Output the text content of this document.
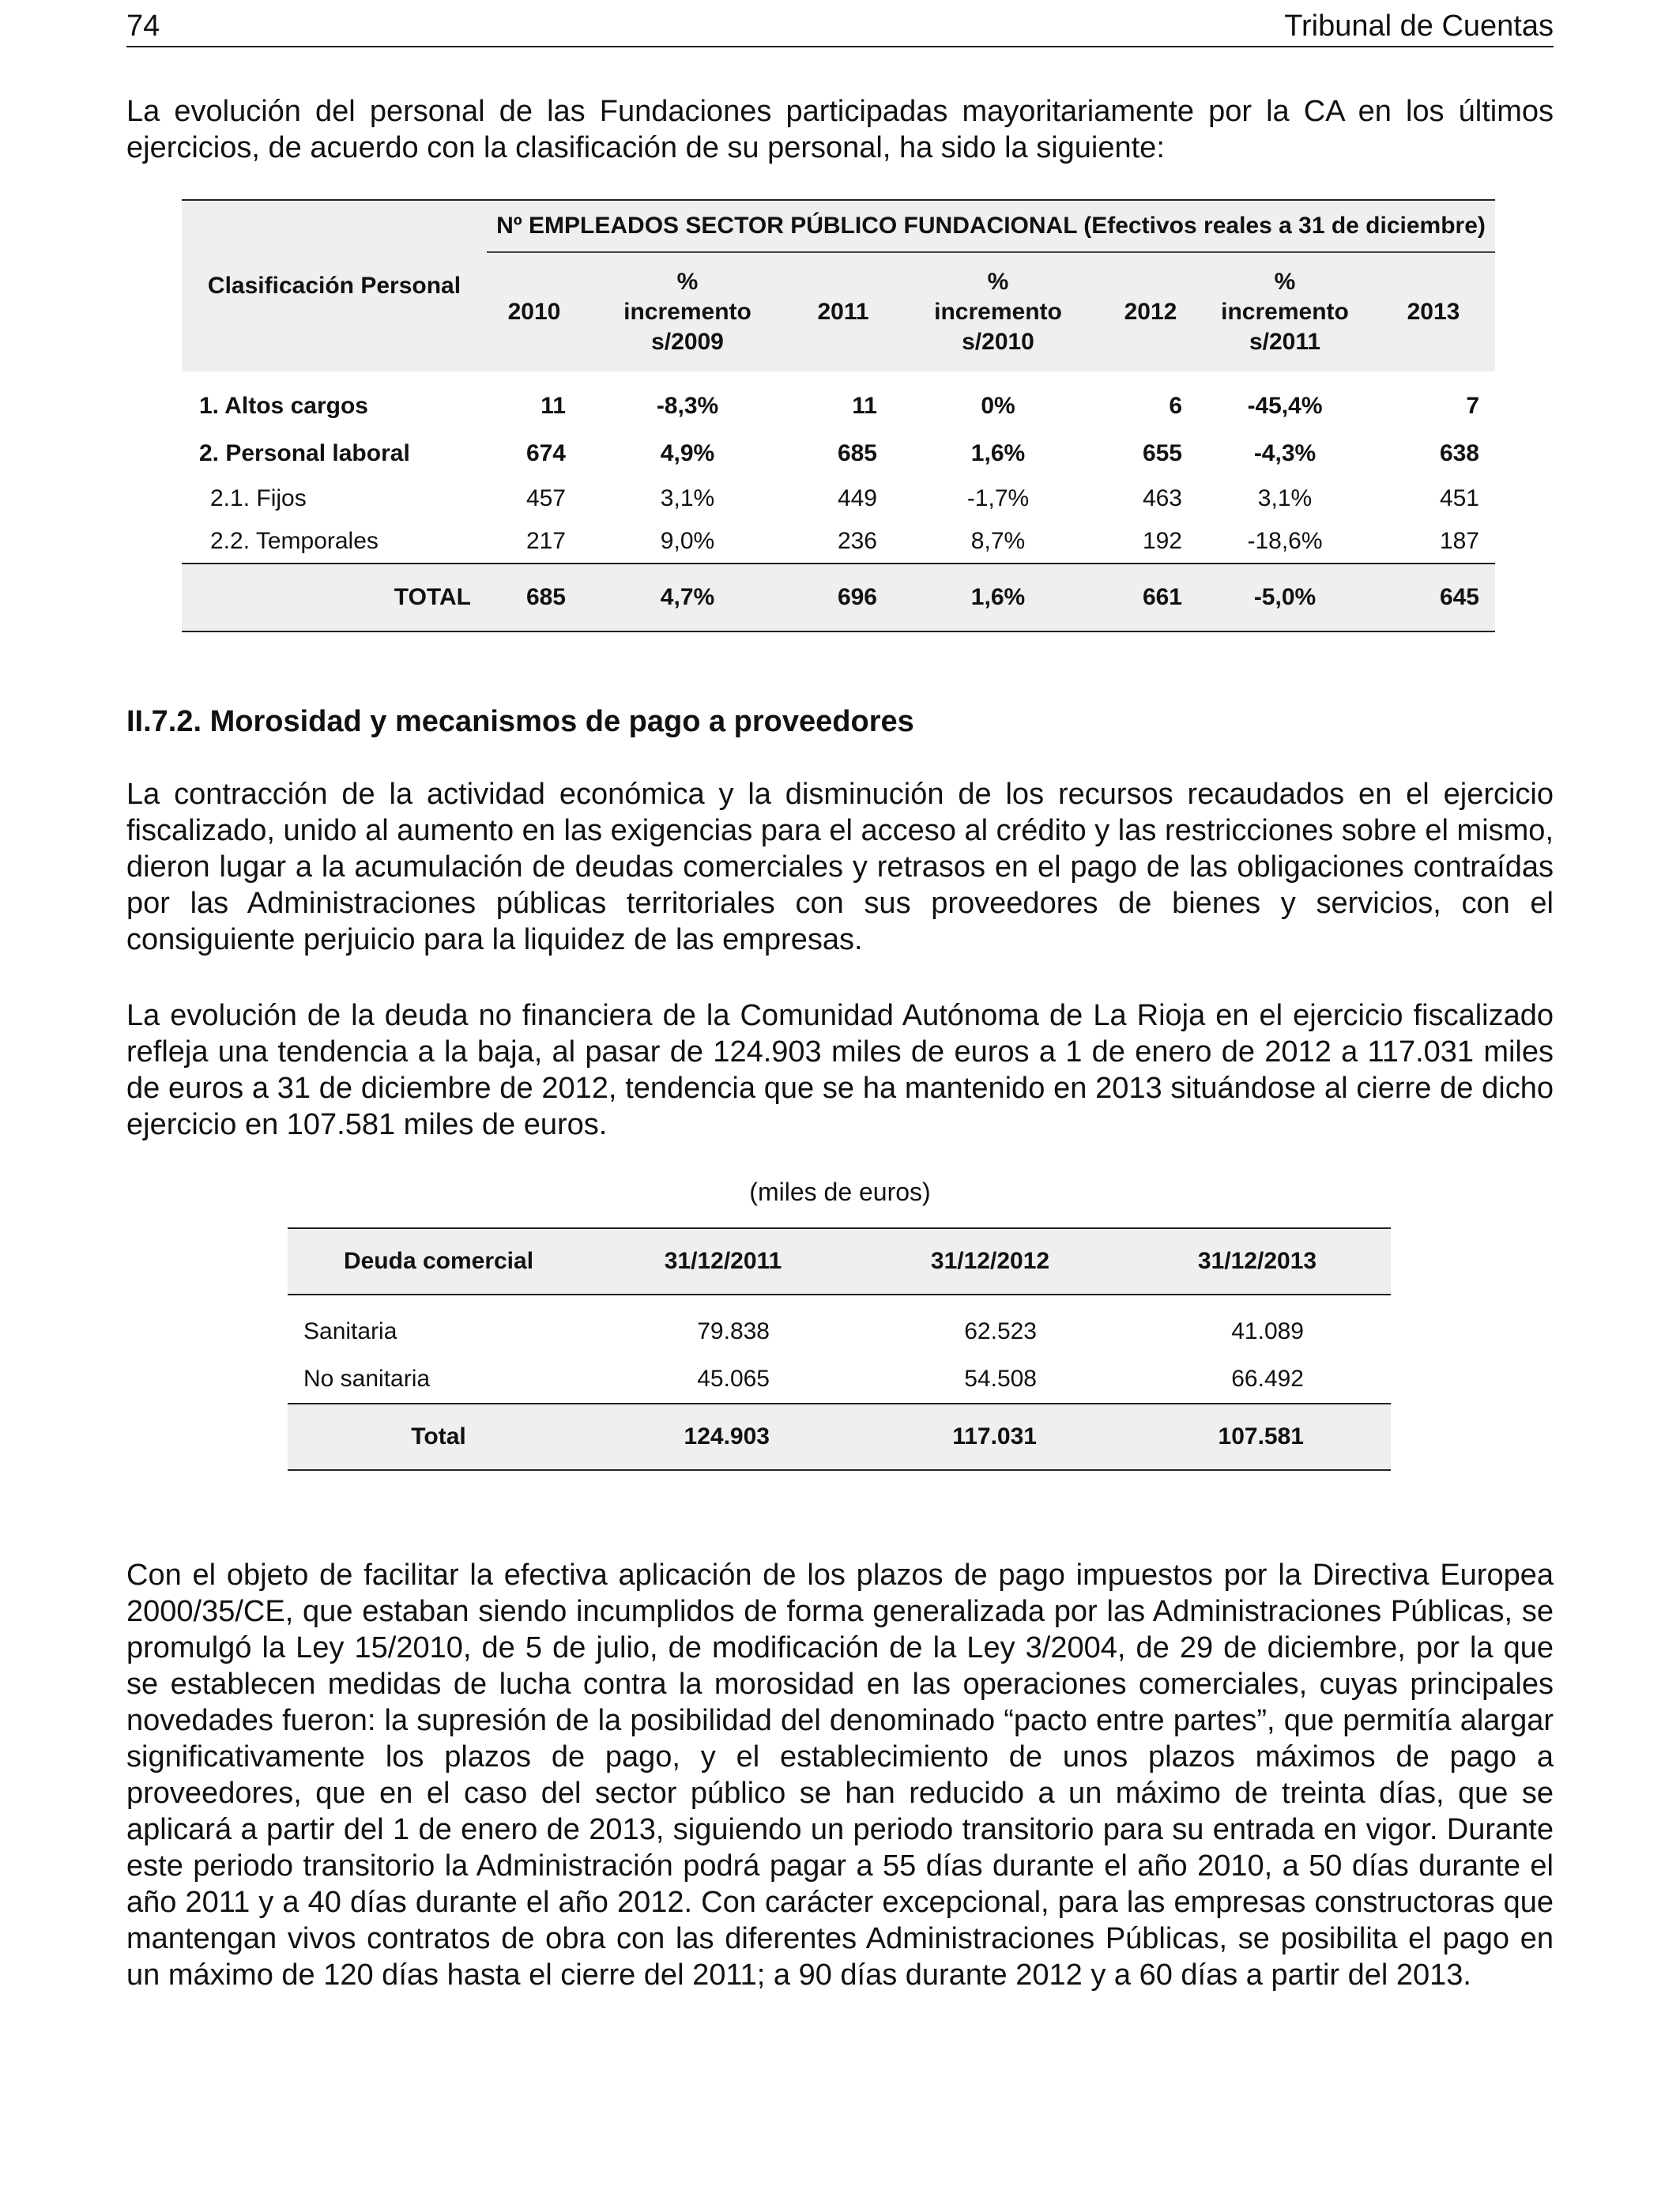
74	Tribunal de Cuentas

La evolución del personal de las Fundaciones participadas mayoritariamente por la CA en los últimos ejercicios, de acuerdo con la clasificación de su personal, ha sido la siguiente:

Clasificación Personal	Nº EMPLEADOS SECTOR PÚBLICO FUNDACIONAL (Efectivos reales a 31 de diciembre)						
	2010	%
incremento
s/2009	2011	%
incremento
s/2010	2012	%
incremento
s/2011	2013
1. Altos cargos	11	-8,3%	11	0%	6	-45,4%	7
2. Personal laboral	674	4,9%	685	1,6%	655	-4,3%	638
2.1. Fijos	457	3,1%	449	-1,7%	463	3,1%	451
2.2. Temporales	217	9,0%	236	8,7%	192	-18,6%	187
TOTAL	685	4,7%	696	1,6%	661	-5,0%	645
II.7.2. Morosidad y mecanismos de pago a proveedores

La contracción de la actividad económica y la disminución de los recursos recaudados en el ejercicio fiscalizado, unido al aumento en las exigencias para el acceso al crédito y las restricciones sobre el mismo, dieron lugar a la acumulación de deudas comerciales y retrasos en el pago de las obligaciones contraídas por las Administraciones públicas territoriales con sus proveedores de bienes y servicios, con el consiguiente perjuicio para la liquidez de las empresas.

La evolución de la deuda no financiera de la Comunidad Autónoma de La Rioja en el ejercicio fiscalizado refleja una tendencia a la baja, al pasar de 124.903 miles de euros a 1 de enero de 2012 a 117.031 miles de euros a 31 de diciembre de 2012, tendencia que se ha mantenido en 2013 situándose al cierre de dicho ejercicio en 107.581 miles de euros.

(miles de euros)
Deuda comercial	31/12/2011	31/12/2012	31/12/2013
Sanitaria	79.838	62.523	41.089
No sanitaria	45.065	54.508	66.492
Total	124.903	117.031	107.581

Con el objeto de facilitar la efectiva aplicación de los plazos de pago impuestos por la Directiva Europea 2000/35/CE, que estaban siendo incumplidos de forma generalizada por las Administraciones Públicas, se promulgó la Ley 15/2010, de 5 de julio, de modificación de la Ley 3/2004, de 29 de diciembre, por la que se establecen medidas de lucha contra la morosidad en las operaciones comerciales, cuyas principales novedades fueron: la supresión de la posibilidad del denominado “pacto entre partes”, que permitía alargar significativamente los plazos de pago, y el establecimiento de unos plazos máximos de pago a proveedores, que en el caso del sector público se han reducido a un máximo de treinta días, que se aplicará a partir del 1 de enero de 2013, siguiendo un periodo transitorio para su entrada en vigor. Durante este periodo transitorio la Administración podrá pagar a 55 días durante el año 2010, a 50 días durante el año 2011 y a 40 días durante el año 2012. Con carácter excepcional, para las empresas constructoras que mantengan vivos contratos de obra con las diferentes Administraciones Públicas, se posibilita el pago en un máximo de 120 días hasta el cierre del 2011; a 90 días durante 2012 y a 60 días a partir del 2013.
